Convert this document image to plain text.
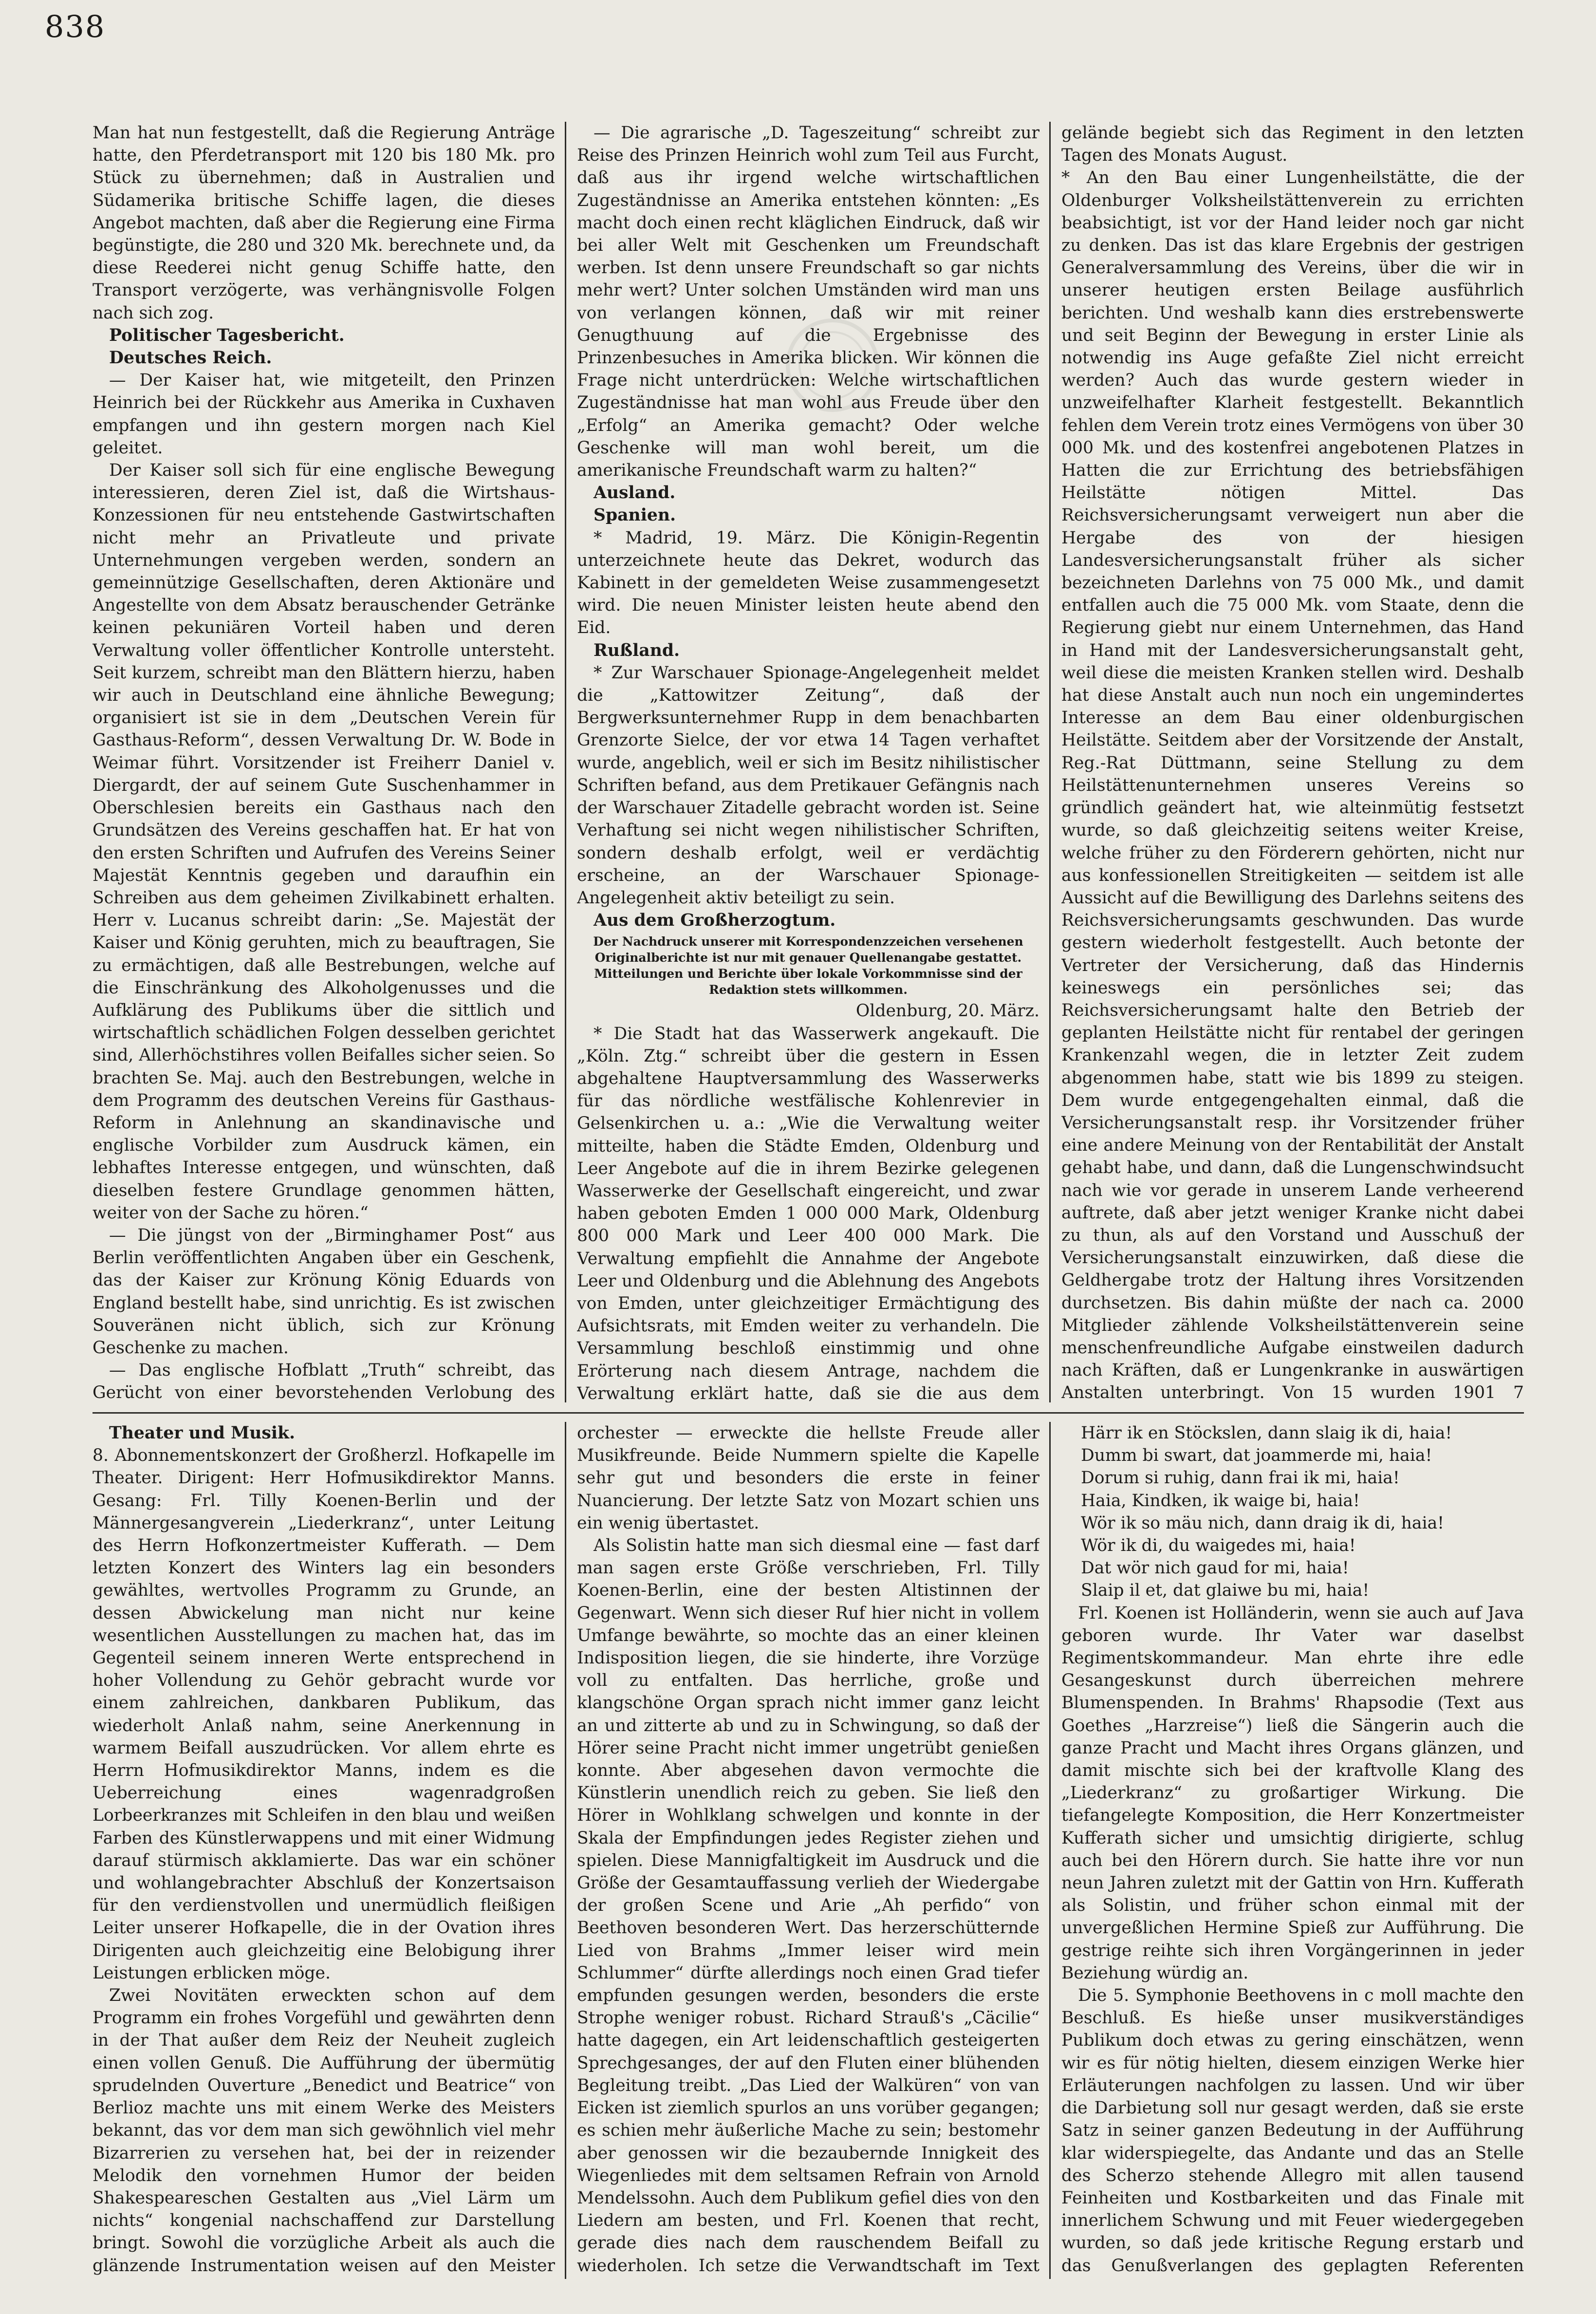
838

Man hat nun festgestellt, daß die Regierung Anträge hatte, den Pferdetransport mit 120 bis 180 Mk. pro Stück zu übernehmen; daß in Australien und Südamerika britische Schiffe lagen, die dieses Angebot machten, daß aber die Regierung eine Firma begünstigte, die 280 und 320 Mk. berechnete und, da diese Reederei nicht genug Schiffe hatte, den Transport verzögerte, was verhängnisvolle Folgen nach sich zog.

Politischer Tagesbericht.

Deutsches Reich.

— Der Kaiser hat, wie mitgeteilt, den Prinzen Heinrich bei der Rückkehr aus Amerika in Cuxhaven empfangen und ihn gestern morgen nach Kiel geleitet.

Der Kaiser soll sich für eine englische Bewegung interessieren, deren Ziel ist, daß die Wirtshaus-Konzessionen für neu entstehende Gastwirtschaften nicht mehr an Privatleute und private Unternehmungen vergeben werden, sondern an gemeinnützige Gesellschaften, deren Aktionäre und Angestellte von dem Absatz berauschender Getränke keinen pekuniären Vorteil haben und deren Verwaltung voller öffentlicher Kontrolle untersteht. Seit kurzem, schreibt man den Blättern hierzu, haben wir auch in Deutschland eine ähnliche Bewegung; organisiert ist sie in dem „Deutschen Verein für Gasthaus-Reform“, dessen Verwaltung Dr. W. Bode in Weimar führt. Vorsitzender ist Freiherr Daniel v. Diergardt, der auf seinem Gute Suschenhammer in Oberschlesien bereits ein Gasthaus nach den Grundsätzen des Vereins geschaffen hat. Er hat von den ersten Schriften und Aufrufen des Vereins Seiner Majestät Kenntnis gegeben und daraufhin ein Schreiben aus dem geheimen Zivilkabinett erhalten. Herr v. Lucanus schreibt darin: „Se. Majestät der Kaiser und König geruhten, mich zu beauftragen, Sie zu ermächtigen, daß alle Bestrebungen, welche auf die Einschränkung des Alkoholgenusses und die Aufklärung des Publikums über die sittlich und wirtschaftlich schädlichen Folgen desselben gerichtet sind, Allerhöchstihres vollen Beifalles sicher seien. So brachten Se. Maj. auch den Bestrebungen, welche in dem Programm des deutschen Vereins für Gasthaus-Reform in Anlehnung an skandinavische und englische Vorbilder zum Ausdruck kämen, ein lebhaftes Interesse entgegen, und wünschten, daß dieselben festere Grundlage genommen hätten, weiter von der Sache zu hören.“

— Die jüngst von der „Birminghamer Post“ aus Berlin veröffentlichten Angaben über ein Geschenk, das der Kaiser zur Krönung König Eduards von England bestellt habe, sind unrichtig. Es ist zwischen Souveränen nicht üblich, sich zur Krönung Geschenke zu machen.

— Das englische Hofblatt „Truth“ schreibt, das Gerücht von einer bevorstehenden Verlobung des

— Die agrarische „D. Tageszeitung“ schreibt zur Reise des Prinzen Heinrich wohl zum Teil aus Furcht, daß aus ihr irgend welche wirtschaftlichen Zugeständnisse an Amerika entstehen könnten: „Es macht doch einen recht kläglichen Eindruck, daß wir bei aller Welt mit Geschenken um Freundschaft werben. Ist denn unsere Freundschaft so gar nichts mehr wert? Unter solchen Umständen wird man uns von verlangen können, daß wir mit reiner Genugthuung auf die Ergebnisse des Prinzenbesuches in Amerika blicken. Wir können die Frage nicht unterdrücken: Welche wirtschaftlichen Zugeständnisse hat man wohl aus Freude über den „Erfolg“ an Amerika gemacht? Oder welche Geschenke will man wohl bereit, um die amerikanische Freundschaft warm zu halten?“

Ausland.

Spanien.

* Madrid, 19. März. Die Königin-Regentin unterzeichnete heute das Dekret, wodurch das Kabinett in der gemeldeten Weise zusammengesetzt wird. Die neuen Minister leisten heute abend den Eid.

Rußland.

* Zur Warschauer Spionage-Angelegenheit meldet die „Kattowitzer Zeitung“, daß der Bergwerksunternehmer Rupp in dem benachbarten Grenzorte Sielce, der vor etwa 14 Tagen verhaftet wurde, angeblich, weil er sich im Besitz nihilistischer Schriften befand, aus dem Pretikauer Gefängnis nach der Warschauer Zitadelle gebracht worden ist. Seine Verhaftung sei nicht wegen nihilistischer Schriften, sondern deshalb erfolgt, weil er verdächtig erscheine, an der Warschauer Spionage-Angelegenheit aktiv beteiligt zu sein.

Aus dem Großherzogtum.

Der Nachdruck unserer mit Korrespondenzzeichen versehenen Originalberichte ist nur mit genauer Quellenangabe gestattet. Mitteilungen und Berichte über lokale Vorkommnisse sind der Redaktion stets willkommen.

Oldenburg, 20. März.

* Die Stadt hat das Wasserwerk angekauft. Die „Köln. Ztg.“ schreibt über die gestern in Essen abgehaltene Hauptversammlung des Wasserwerks für das nördliche westfälische Kohlenrevier in Gelsenkirchen u. a.: „Wie die Verwaltung weiter mitteilte, haben die Städte Emden, Oldenburg und Leer Angebote auf die in ihrem Bezirke gelegenen Wasserwerke der Gesellschaft eingereicht, und zwar haben geboten Emden 1 000 000 Mark, Oldenburg 800 000 Mark und Leer 400 000 Mark. Die Verwaltung empfiehlt die Annahme der Angebote Leer und Oldenburg und die Ablehnung des Angebots von Emden, unter gleichzeitiger Ermächtigung des Aufsichtsrats, mit Emden weiter zu verhandeln. Die Versammlung beschloß einstimmig und ohne Erörterung nach diesem Antrage, nachdem die Verwaltung erklärt hatte, daß sie die aus dem

gelände begiebt sich das Regiment in den letzten Tagen des Monats August.

* An den Bau einer Lungenheilstätte, die der Oldenburger Volksheilstättenverein zu errichten beabsichtigt, ist vor der Hand leider noch gar nicht zu denken. Das ist das klare Ergebnis der gestrigen Generalversammlung des Vereins, über die wir in unserer heutigen ersten Beilage ausführlich berichten. Und weshalb kann dies erstrebenswerte und seit Beginn der Bewegung in erster Linie als notwendig ins Auge gefaßte Ziel nicht erreicht werden? Auch das wurde gestern wieder in unzweifelhafter Klarheit festgestellt. Bekanntlich fehlen dem Verein trotz eines Vermögens von über 30 000 Mk. und des kostenfrei angebotenen Platzes in Hatten die zur Errichtung des betriebsfähigen Heilstätte nötigen Mittel. Das Reichsversicherungsamt verweigert nun aber die Hergabe des von der hiesigen Landesversicherungsanstalt früher als sicher bezeichneten Darlehns von 75 000 Mk., und damit entfallen auch die 75 000 Mk. vom Staate, denn die Regierung giebt nur einem Unternehmen, das Hand in Hand mit der Landesversicherungsanstalt geht, weil diese die meisten Kranken stellen wird. Deshalb hat diese Anstalt auch nun noch ein ungemindertes Interesse an dem Bau einer oldenburgischen Heilstätte. Seitdem aber der Vorsitzende der Anstalt, Reg.-Rat Düttmann, seine Stellung zu dem Heilstättenunternehmen unseres Vereins so gründlich geändert hat, wie alteinmütig festsetzt wurde, so daß gleichzeitig seitens weiter Kreise, welche früher zu den Förderern gehörten, nicht nur aus konfessionellen Streitigkeiten — seitdem ist alle Aussicht auf die Bewilligung des Darlehns seitens des Reichsversicherungsamts geschwunden. Das wurde gestern wiederholt festgestellt. Auch betonte der Vertreter der Versicherung, daß das Hindernis keineswegs ein persönliches sei; das Reichsversicherungsamt halte den Betrieb der geplanten Heilstätte nicht für rentabel der geringen Krankenzahl wegen, die in letzter Zeit zudem abgenommen habe, statt wie bis 1899 zu steigen. Dem wurde entgegengehalten einmal, daß die Versicherungsanstalt resp. ihr Vorsitzender früher eine andere Meinung von der Rentabilität der Anstalt gehabt habe, und dann, daß die Lungenschwindsucht nach wie vor gerade in unserem Lande verheerend auftrete, daß aber jetzt weniger Kranke nicht dabei zu thun, als auf den Vorstand und Ausschuß der Versicherungsanstalt einzuwirken, daß diese die Geldhergabe trotz der Haltung ihres Vorsitzenden durchsetzen. Bis dahin müßte der nach ca. 2000 Mitglieder zählende Volksheilstättenverein seine menschenfreundliche Aufgabe einstweilen dadurch nach Kräften, daß er Lungenkranke in auswärtigen Anstalten unterbringt. Von 15 wurden 1901 7

Theater und Musik.

8. Abonnementskonzert der Großherzl. Hofkapelle im Theater. Dirigent: Herr Hofmusikdirektor Manns. Gesang: Frl. Tilly Koenen-Berlin und der Männergesangverein „Liederkranz“, unter Leitung des Herrn Hofkonzertmeister Kufferath. — Dem letzten Konzert des Winters lag ein besonders gewähltes, wertvolles Programm zu Grunde, an dessen Abwickelung man nicht nur keine wesentlichen Ausstellungen zu machen hat, das im Gegenteil seinem inneren Werte entsprechend in hoher Vollendung zu Gehör gebracht wurde vor einem zahlreichen, dankbaren Publikum, das wiederholt Anlaß nahm, seine Anerkennung in warmem Beifall auszudrücken. Vor allem ehrte es Herrn Hofmusikdirektor Manns, indem es die Ueberreichung eines wagenradgroßen Lorbeerkranzes mit Schleifen in den blau und weißen Farben des Künstlerwappens und mit einer Widmung darauf stürmisch akklamierte. Das war ein schöner und wohlangebrachter Abschluß der Konzertsaison für den verdienstvollen und unermüdlich fleißigen Leiter unserer Hofkapelle, die in der Ovation ihres Dirigenten auch gleichzeitig eine Belobigung ihrer Leistungen erblicken möge.

Zwei Novitäten erweckten schon auf dem Programm ein frohes Vorgefühl und gewährten denn in der That außer dem Reiz der Neuheit zugleich einen vollen Genuß. Die Aufführung der übermütig sprudelnden Ouverture „Benedict und Beatrice“ von Berlioz machte uns mit einem Werke des Meisters bekannt, das vor dem man sich gewöhnlich viel mehr Bizarrerien zu versehen hat, bei der in reizender Melodik den vornehmen Humor der beiden Shakespeareschen Gestalten aus „Viel Lärm um nichts“ kongenial nachschaffend zur Darstellung bringt. Sowohl die vorzügliche Arbeit als auch die glänzende Instrumentation weisen auf den Meister

orchester — erweckte die hellste Freude aller Musikfreunde. Beide Nummern spielte die Kapelle sehr gut und besonders die erste in feiner Nuancierung. Der letzte Satz von Mozart schien uns ein wenig übertastet.

Als Solistin hatte man sich diesmal eine — fast darf man sagen erste Größe verschrieben, Frl. Tilly Koenen-Berlin, eine der besten Altistinnen der Gegenwart. Wenn sich dieser Ruf hier nicht in vollem Umfange bewährte, so mochte das an einer kleinen Indisposition liegen, die sie hinderte, ihre Vorzüge voll zu entfalten. Das herrliche, große und klangschöne Organ sprach nicht immer ganz leicht an und zitterte ab und zu in Schwingung, so daß der Hörer seine Pracht nicht immer ungetrübt genießen konnte. Aber abgesehen davon vermochte die Künstlerin unendlich reich zu geben. Sie ließ den Hörer in Wohlklang schwelgen und konnte in der Skala der Empfindungen jedes Register ziehen und spielen. Diese Mannigfaltigkeit im Ausdruck und die Größe der Gesamtauffassung verlieh der Wiedergabe der großen Scene und Arie „Ah perfido“ von Beethoven besonderen Wert. Das herzerschütternde Lied von Brahms „Immer leiser wird mein Schlummer“ dürfte allerdings noch einen Grad tiefer empfunden gesungen werden, besonders die erste Strophe weniger robust. Richard Strauß's „Cäcilie“ hatte dagegen, ein Art leidenschaftlich gesteigerten Sprechgesanges, der auf den Fluten einer blühenden Begleitung treibt. „Das Lied der Walküren“ von van Eicken ist ziemlich spurlos an uns vorüber gegangen; es schien mehr äußerliche Mache zu sein; bestomehr aber genossen wir die bezaubernde Innigkeit des Wiegenliedes mit dem seltsamen Refrain von Arnold Mendelssohn. Auch dem Publikum gefiel dies von den Liedern am besten, und Frl. Koenen that recht, gerade dies nach dem rauschendem Beifall zu wiederholen. Ich setze die Verwandtschaft im Text

Härr ik en Stöckslen, dann slaig ik di, haia!

Dumm bi swart, dat joammerde mi, haia!

Dorum si ruhig, dann frai ik mi, haia!

Haia, Kindken, ik waige bi, haia!

Wör ik so mäu nich, dann draig ik di, haia!

Wör ik di, du waigedes mi, haia!

Dat wör nich gaud for mi, haia!

Slaip il et, dat glaiwe bu mi, haia!

Frl. Koenen ist Holländerin, wenn sie auch auf Java geboren wurde. Ihr Vater war daselbst Regimentskommandeur. Man ehrte ihre edle Gesangeskunst durch überreichen mehrere Blumenspenden. In Brahms' Rhapsodie (Text aus Goethes „Harzreise“) ließ die Sängerin auch die ganze Pracht und Macht ihres Organs glänzen, und damit mischte sich bei der kraftvolle Klang des „Liederkranz“ zu großartiger Wirkung. Die tiefangelegte Komposition, die Herr Konzertmeister Kufferath sicher und umsichtig dirigierte, schlug auch bei den Hörern durch. Sie hatte ihre vor nun neun Jahren zuletzt mit der Gattin von Hrn. Kufferath als Solistin, und früher schon einmal mit der unvergeßlichen Hermine Spieß zur Aufführung. Die gestrige reihte sich ihren Vorgängerinnen in jeder Beziehung würdig an.

Die 5. Symphonie Beethovens in c moll machte den Beschluß. Es hieße unser musikverständiges Publikum doch etwas zu gering einschätzen, wenn wir es für nötig hielten, diesem einzigen Werke hier Erläuterungen nachfolgen zu lassen. Und wir über die Darbietung soll nur gesagt werden, daß sie erste Satz in seiner ganzen Bedeutung in der Aufführung klar widerspiegelte, das Andante und das an Stelle des Scherzo stehende Allegro mit allen tausend Feinheiten und Kostbarkeiten und das Finale mit innerlichem Schwung und mit Feuer wiedergegeben wurden, so daß jede kritische Regung erstarb und das Genußverlangen des geplagten Referenten
